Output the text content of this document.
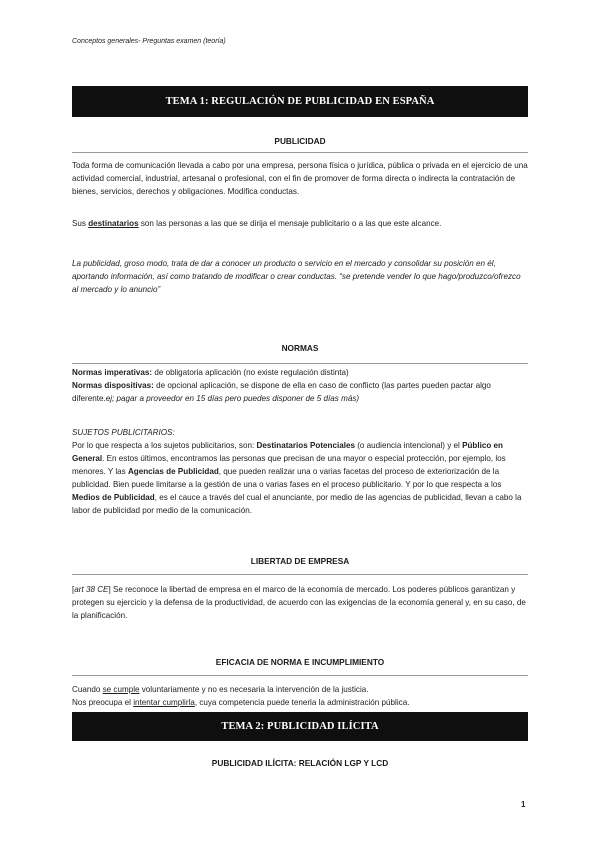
Conceptos generales- Preguntas examen (teoría)
TEMA 1: REGULACIÓN DE PUBLICIDAD EN ESPAÑA
PUBLICIDAD

Toda forma de comunicación llevada a cabo por una empresa, persona física o jurídica, pública o privada en el ejercicio de una actividad comercial, industrial, artesanal o profesional, con el fin de promover de forma directa o indirecta la contratación de bienes, servicios, derechos y obligaciones. Modifica conductas.

Sus destinatarios son las personas a las que se dirija el mensaje publicitario o a las que este alcance.

La publicidad, groso modo, trata de dar a conocer un producto o servicio en el mercado y consolidar su posición en él, aportando información, así como tratando de modificar o crear conductas. “se pretende vender lo que hago/produzco/ofrezco al mercado y lo anuncio”

NORMAS

Normas imperativas: de obligatoria aplicación (no existe regulación distinta)
Normas dispositivas: de opcional aplicación, se dispone de ella en caso de conflicto (las partes pueden pactar algo diferente.ej; pagar a proveedor en 15 días pero puedes disponer de 5 días más)

SUJETOS PUBLICITARIOS:

Por lo que respecta a los sujetos publicitarios, son: Destinatarios Potenciales (o audiencia intencional) y el Público en General. En estos últimos, encontramos las personas que precisan de una mayor o especial protección, por ejemplo, los menores. Y las Agencias de Publicidad, que pueden realizar una o varias facetas del proceso de exteriorización de la publicidad. Bien puede limitarse a la gestión de una o varias fases en el proceso publicitario. Y por lo que respecta a los Medios de Publicidad, es el cauce a través del cual el anunciante, por medio de las agencias de publicidad, llevan a cabo la labor de publicidad por medio de la comunicación.

LIBERTAD DE EMPRESA

[art 38 CE] Se reconoce la libertad de empresa en el marco de la economía de mercado. Los poderes públicos garantizan y protegen su ejercicio y la defensa de la productividad, de acuerdo con las exigencias de la economía general y, en su caso, de la planificación.

EFICACIA DE NORMA E INCUMPLIMIENTO

Cuando se cumple voluntariamente y no es necesaria la intervención de la justicia.
Nos preocupa el intentar cumplirla, cuya competencia puede tenerla la administración pública.

TEMA 2: PUBLICIDAD ILÍCITA
PUBLICIDAD ILÍCITA: RELACIÓN LGP Y LCD
1
